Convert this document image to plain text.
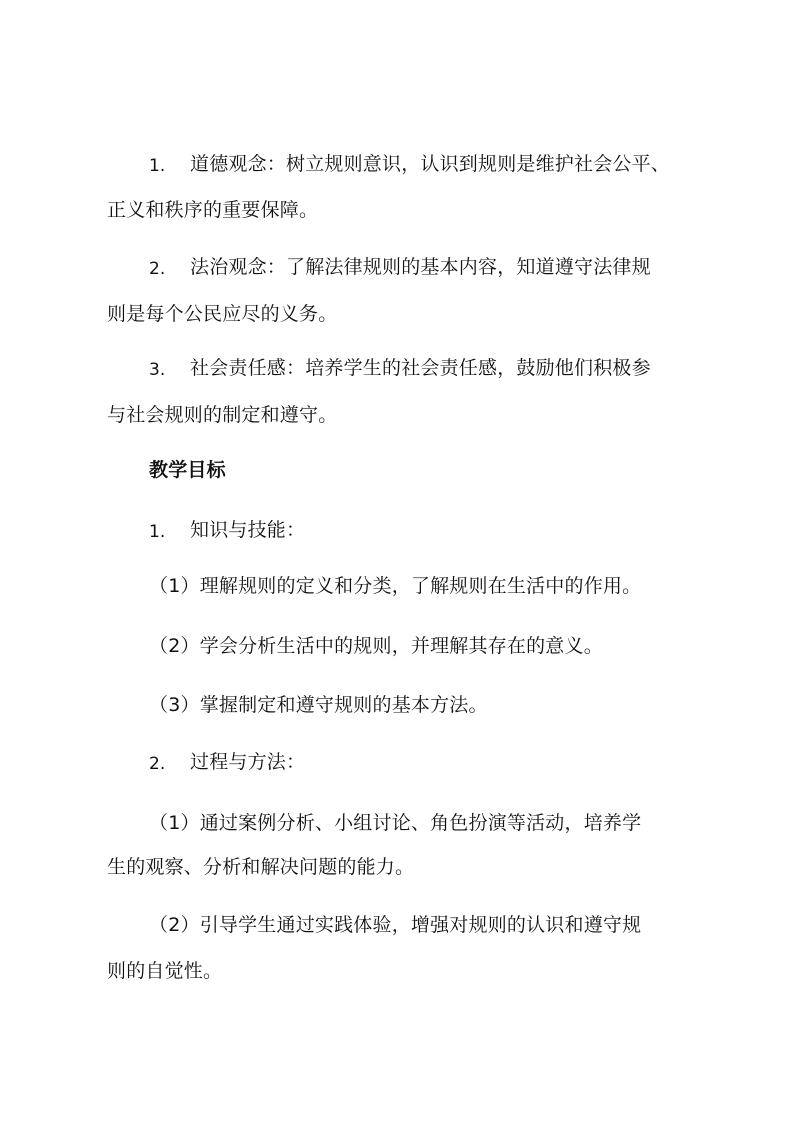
1. 道德观念：树立规则意识，认识到规则是维护社会公平、
正义和秩序的重要保障。
2. 法治观念：了解法律规则的基本内容，知道遵守法律规
则是每个公民应尽的义务。
3. 社会责任感：培养学生的社会责任感，鼓励他们积极参
与社会规则的制定和遵守。
教学目标
1. 知识与技能：
（1）理解规则的定义和分类，了解规则在生活中的作用。
（2）学会分析生活中的规则，并理解其存在的意义。
（3）掌握制定和遵守规则的基本方法。
2. 过程与方法：
（1）通过案例分析、小组讨论、角色扮演等活动，培养学
生的观察、分析和解决问题的能力。
（2）引导学生通过实践体验，增强对规则的认识和遵守规
则的自觉性。
